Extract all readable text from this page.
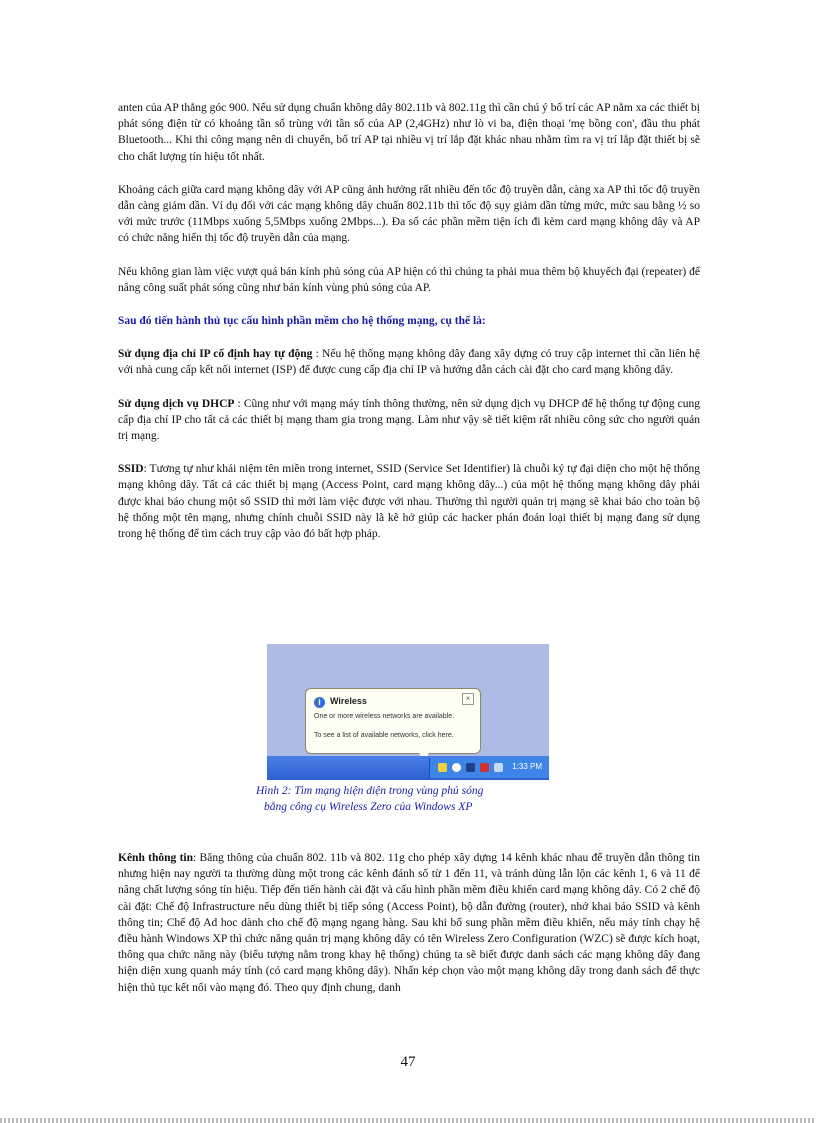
anten của AP thẳng góc 900. Nếu sử dụng chuẩn không dây 802.11b và 802.11g thì cần chú ý bố trí các AP nằm xa các thiết bị phát sóng điện từ có khoảng tần số trùng với tần số của AP (2,4GHz) như lò vi ba, điện thoại 'mẹ bồng con', đầu thu phát Bluetooth... Khi thi công mạng nên di chuyển, bố trí AP tại nhiều vị trí lắp đặt khác nhau nhằm tìm ra vị trí lắp đặt thiết bị sẽ cho chất lượng tín hiệu tốt nhất.

Khoảng cách giữa card mạng không dây với AP cũng ảnh hưởng rất nhiều đến tốc độ truyền dẫn, càng xa AP thì tốc độ truyền dẫn càng giảm dần. Ví dụ đối với các mạng không dây chuẩn 802.11b thì tốc độ sụy giảm dần từng mức, mức sau bằng ½ so với mức trước (11Mbps xuống 5,5Mbps xuống 2Mbps...). Đa số các phần mềm tiện ích đi kèm card mạng không dây và AP có chức năng hiển thị tốc độ truyền dẫn của mạng.

Nếu không gian làm việc vượt quá bán kính phủ sóng của AP hiện có thì chúng ta phải mua thêm bộ khuyếch đại (repeater) để nâng công suất phát sóng cũng như bán kính vùng phủ sóng của AP.

Sau đó tiến hành thủ tục cấu hình phần mềm cho hệ thống mạng, cụ thể là:

Sử dụng địa chỉ IP cố định hay tự động : Nếu hệ thống mạng không dây đang xây dựng có truy cập internet thì cần liên hệ với nhà cung cấp kết nối internet (ISP) để được cung cấp địa chỉ IP và hướng dẫn cách cài đặt cho card mạng không dây.

Sử dụng dịch vụ DHCP : Cũng như với mạng máy tính thông thường, nên sử dụng dịch vụ DHCP để hệ thống tự động cung cấp địa chỉ IP cho tất cả các thiết bị mạng tham gia trong mạng. Làm như vậy sẽ tiết kiệm rất nhiều công sức cho người quản trị mạng.

SSID: Tương tự như khái niệm tên miền trong internet, SSID (Service Set Identifier) là chuỗi ký tự đại diện cho một hệ thống mạng không dây. Tất cả các thiết bị mạng (Access Point, card mạng không dây...) của một hệ thống mạng không dây phải được khai báo chung một số SSID thì mới làm việc được với nhau. Thường thì người quản trị mạng sẽ khai báo cho toàn bộ hệ thống một tên mạng, nhưng chính chuỗi SSID này lã kẽ hở giúp các hacker phán đoán loại thiết bị mạng đang sử dụng trong hệ thống để tìm cách truy cập vào đó bất hợp pháp.

i	Wireless	×
One or more wireless networks are available.
To see a list of available networks, click here.
1:33 PM
Hình 2: Tìm mạng hiện diện trong vùng phủ sóng
bằng công cụ Wireless Zero của Windows XP

Kênh thông tin: Băng thông của chuẩn 802. 11b và 802. 11g cho phép xây dựng 14 kênh khác nhau để truyền dẫn thông tin nhưng hiện nay người ta thường dùng một trong các kênh đánh số từ 1 đến 11, và tránh dùng lẫn lộn các kênh 1, 6 và 11 để nâng chất lượng sóng tín hiệu. Tiếp đến tiến hành cài đặt và cấu hình phần mềm điều khiển card mạng không dây. Có 2 chế độ cài đặt: Chế độ Infrastructure nếu dùng thiết bị tiếp sóng (Access Point), bộ dẫn đường (router), nhớ khai báo SSID và kênh thông tin; Chế độ Ad hoc dành cho chế độ mạng ngang hàng. Sau khi bổ sung phần mềm điều khiển, nếu máy tính chạy hệ điều hành Windows XP thì chức năng quản trị mạng không dây có tên Wireless Zero Configuration (WZC) sẽ được kích hoạt, thông qua chức năng này (biểu tượng nằm trong khay hệ thống) chúng ta sẽ biết được danh sách các mạng không dây đang hiện diện xung quanh máy tính (có card mạng không dây). Nhấn kép chọn vào một mạng không dây trong danh sách để thực hiện thủ tục kết nối vào mạng đó. Theo quy định chung, danh

47
